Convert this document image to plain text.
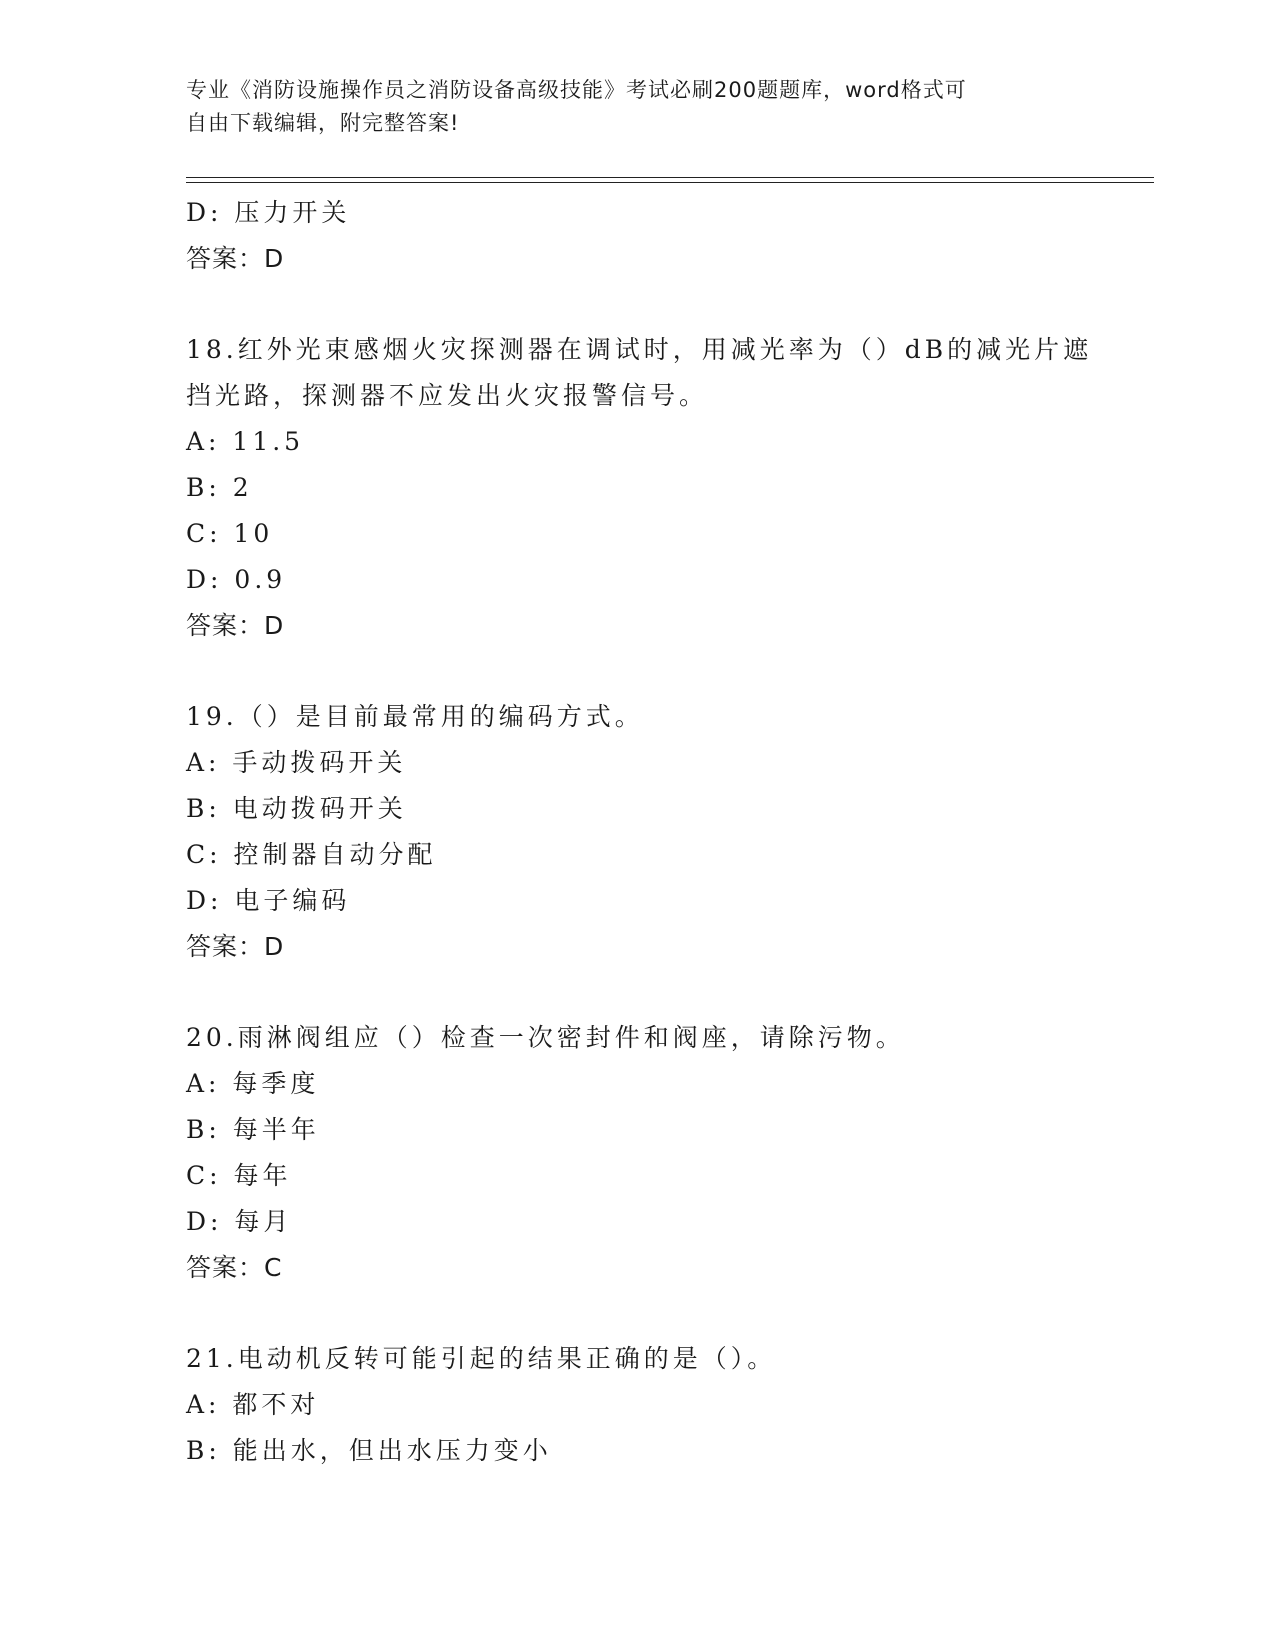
专业《消防设施操作员之消防设备高级技能》考试必刷200题题库，word格式可
自由下载编辑，附完整答案!
D: 压力开关
答案：D
18.红外光束感烟火灾探测器在调试时，用减光率为（）dB的减光片遮
挡光路，探测器不应发出火灾报警信号。
A: 11.5
B: 2
C: 10
D: 0.9
答案：D
19.（）是目前最常用的编码方式。
A: 手动拨码开关
B: 电动拨码开关
C: 控制器自动分配
D: 电子编码
答案：D
20.雨淋阀组应（）检查一次密封件和阀座，请除污物。
A: 每季度
B: 每半年
C: 每年
D: 每月
答案：C
21.电动机反转可能引起的结果正确的是（）。
A: 都不对
B: 能出水，但出水压力变小
